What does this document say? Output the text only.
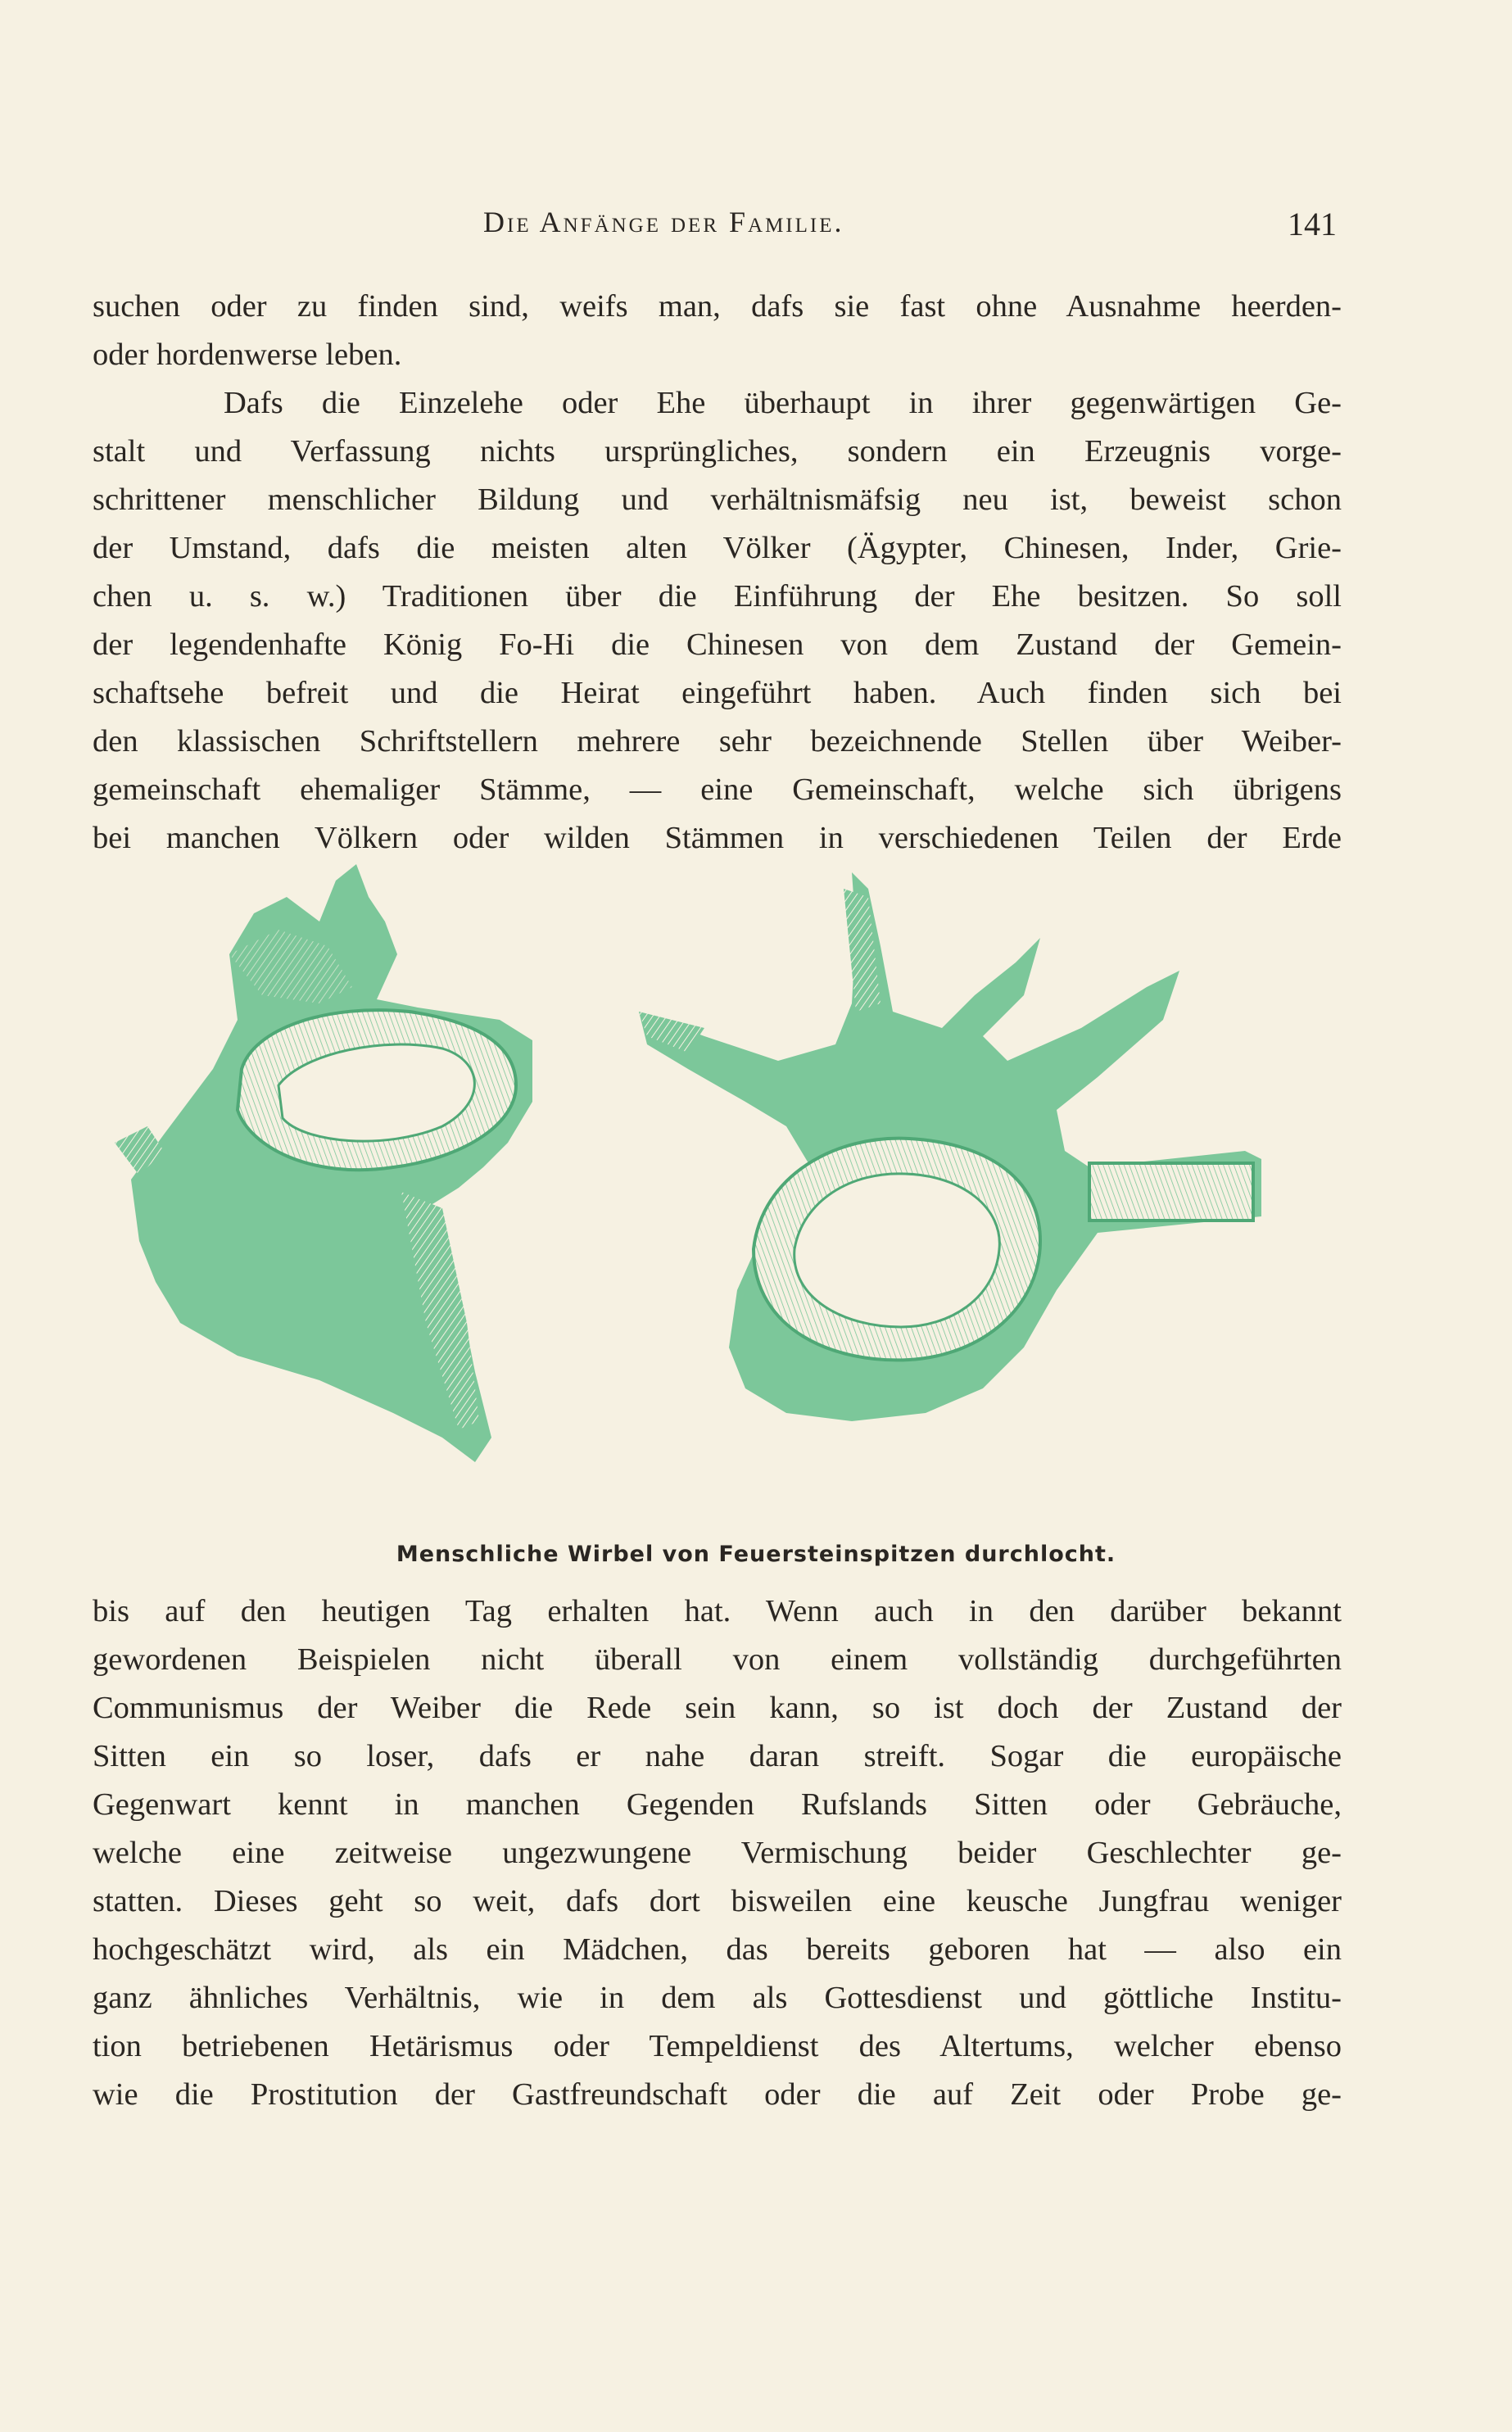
Die Anfänge der Familie.	141
suchen oder zu finden sind, weifs man, dafs sie fast ohne Ausnahme heerden-
oder hordenwerse leben.
Dafs die Einzelehe oder Ehe überhaupt in ihrer gegenwärtigen Ge-
stalt und Verfassung nichts ursprüngliches, sondern ein Erzeugnis vorge-
schrittener menschlicher Bildung und verhältnismäfsig neu ist, beweist schon
der Umstand, dafs die meisten alten Völker (Ägypter, Chinesen, Inder, Grie-
chen u. s. w.) Traditionen über die Einführung der Ehe besitzen. So soll
der legendenhafte König Fo-Hi die Chinesen von dem Zustand der Gemein-
schaftsehe befreit und die Heirat eingeführt haben. Auch finden sich bei
den klassischen Schriftstellern mehrere sehr bezeichnende Stellen über Weiber-
gemeinschaft ehemaliger Stämme, — eine Gemeinschaft, welche sich übrigens
bei manchen Völkern oder wilden Stämmen in verschiedenen Teilen der Erde
Menschliche Wirbel von Feuersteinspitzen durchlocht.
bis auf den heutigen Tag erhalten hat. Wenn auch in den darüber bekannt
gewordenen Beispielen nicht überall von einem vollständig durchgeführten
Communismus der Weiber die Rede sein kann, so ist doch der Zustand der
Sitten ein so loser, dafs er nahe daran streift. Sogar die europäische
Gegenwart kennt in manchen Gegenden Rufslands Sitten oder Gebräuche,
welche eine zeitweise ungezwungene Vermischung beider Geschlechter ge-
statten. Dieses geht so weit, dafs dort bisweilen eine keusche Jungfrau weniger
hochgeschätzt wird, als ein Mädchen, das bereits geboren hat — also ein
ganz ähnliches Verhältnis, wie in dem als Gottesdienst und göttliche Institu-
tion betriebenen Hetärismus oder Tempeldienst des Altertums, welcher ebenso
wie die Prostitution der Gastfreundschaft oder die auf Zeit oder Probe ge-
